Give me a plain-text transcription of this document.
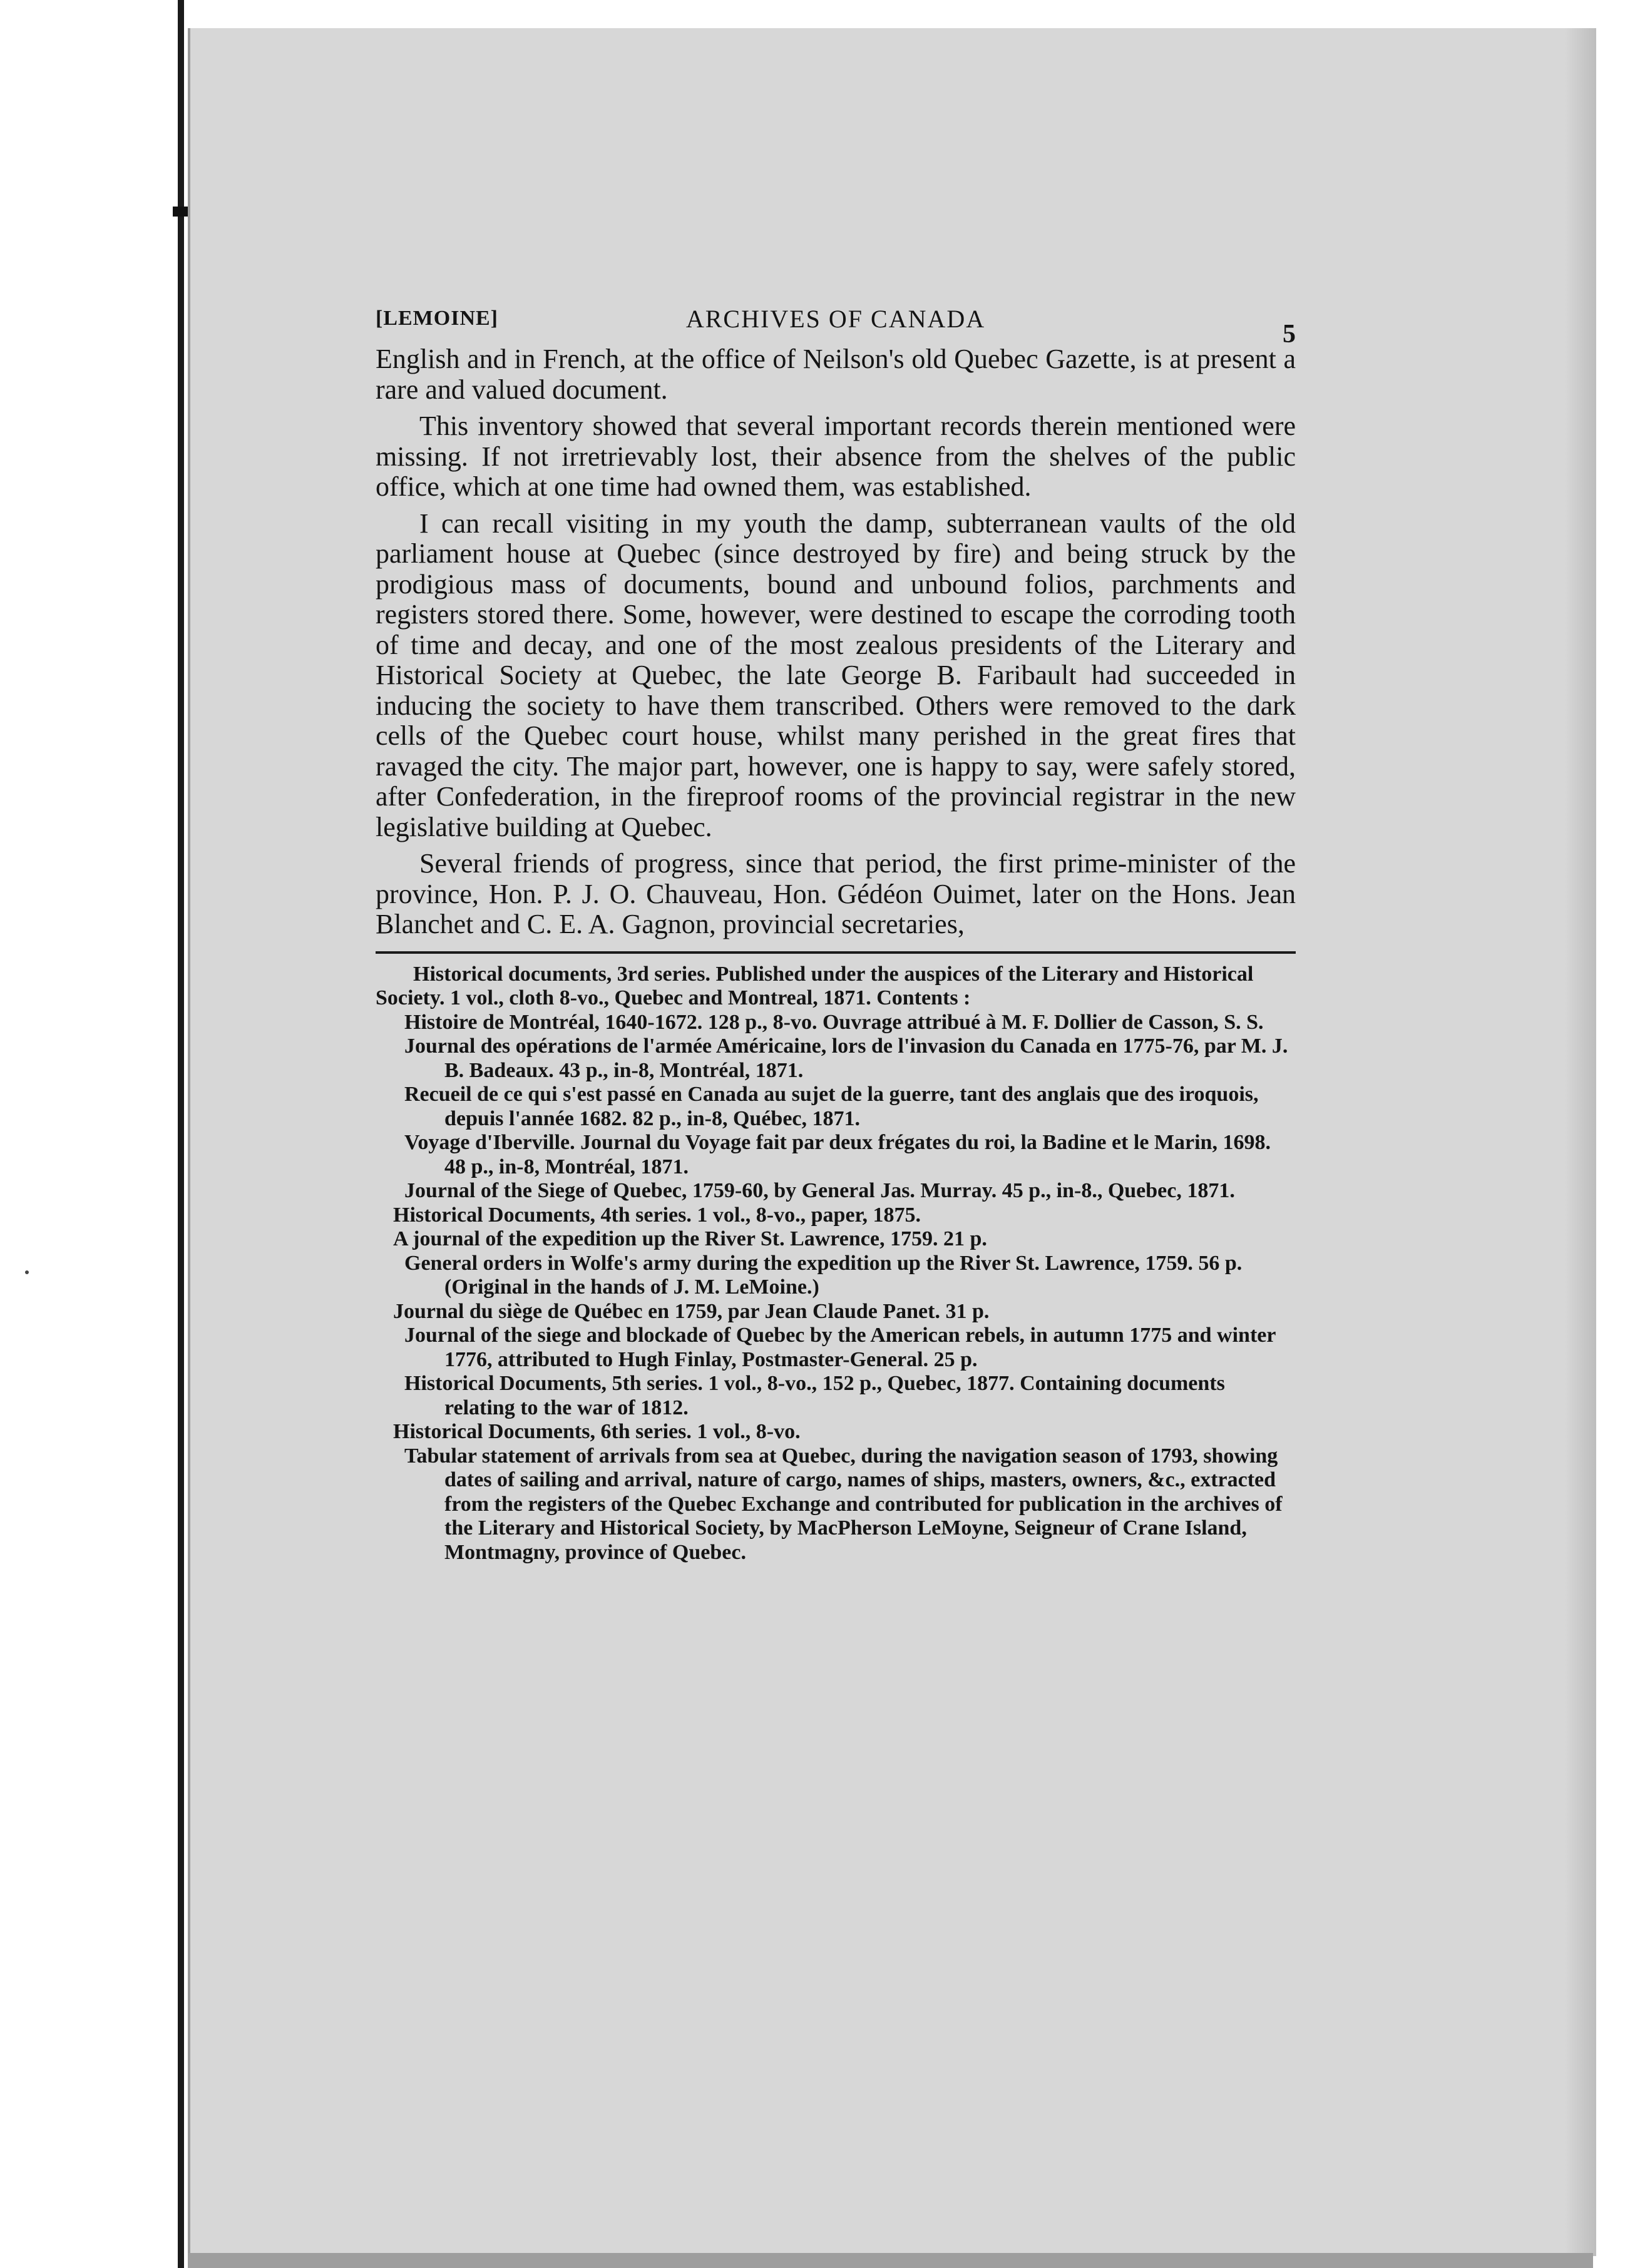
[LEMOINE]	ARCHIVES OF CANADA
5

English and in French, at the office of Neilson's old Quebec Gazette, is at present a rare and valued document.

This inventory showed that several important records therein mentioned were missing. If not irretrievably lost, their absence from the shelves of the public office, which at one time had owned them, was established.

I can recall visiting in my youth the damp, subterranean vaults of the old parliament house at Quebec (since destroyed by fire) and being struck by the prodigious mass of documents, bound and unbound folios, parchments and registers stored there. Some, however, were destined to escape the corroding tooth of time and decay, and one of the most zealous presidents of the Literary and Historical Society at Quebec, the late George B. Faribault had succeeded in inducing the society to have them transcribed. Others were removed to the dark cells of the Quebec court house, whilst many perished in the great fires that ravaged the city. The major part, however, one is happy to say, were safely stored, after Confederation, in the fireproof rooms of the provincial registrar in the new legislative building at Quebec.

Several friends of progress, since that period, the first prime-minister of the province, Hon. P. J. O. Chauveau, Hon. Gédéon Ouimet, later on the Hons. Jean Blanchet and C. E. A. Gagnon, provincial secretaries,

Historical documents, 3rd series. Published under the auspices of the Literary and Historical Society. 1 vol., cloth 8-vo., Quebec and Montreal, 1871. Contents :

Histoire de Montréal, 1640-1672. 128 p., 8-vo. Ouvrage attribué à M. F. Dollier de Casson, S. S.

Journal des opérations de l'armée Américaine, lors de l'invasion du Canada en 1775-76, par M. J. B. Badeaux. 43 p., in-8, Montréal, 1871.

Recueil de ce qui s'est passé en Canada au sujet de la guerre, tant des anglais que des iroquois, depuis l'année 1682. 82 p., in-8, Québec, 1871.

Voyage d'Iberville. Journal du Voyage fait par deux frégates du roi, la Badine et le Marin, 1698. 48 p., in-8, Montréal, 1871.

Journal of the Siege of Quebec, 1759-60, by General Jas. Murray. 45 p., in-8., Quebec, 1871.

Historical Documents, 4th series. 1 vol., 8-vo., paper, 1875.

A journal of the expedition up the River St. Lawrence, 1759. 21 p.

General orders in Wolfe's army during the expedition up the River St. Lawrence, 1759. 56 p. (Original in the hands of J. M. LeMoine.)

Journal du siège de Québec en 1759, par Jean Claude Panet. 31 p.

Journal of the siege and blockade of Quebec by the American rebels, in autumn 1775 and winter 1776, attributed to Hugh Finlay, Postmaster-General. 25 p.

Historical Documents, 5th series. 1 vol., 8-vo., 152 p., Quebec, 1877. Containing documents relating to the war of 1812.

Historical Documents, 6th series. 1 vol., 8-vo.

Tabular statement of arrivals from sea at Quebec, during the navigation season of 1793, showing dates of sailing and arrival, nature of cargo, names of ships, masters, owners, &c., extracted from the registers of the Quebec Exchange and contributed for publication in the archives of the Literary and Historical Society, by MacPherson LeMoyne, Seigneur of Crane Island, Montmagny, province of Quebec.
